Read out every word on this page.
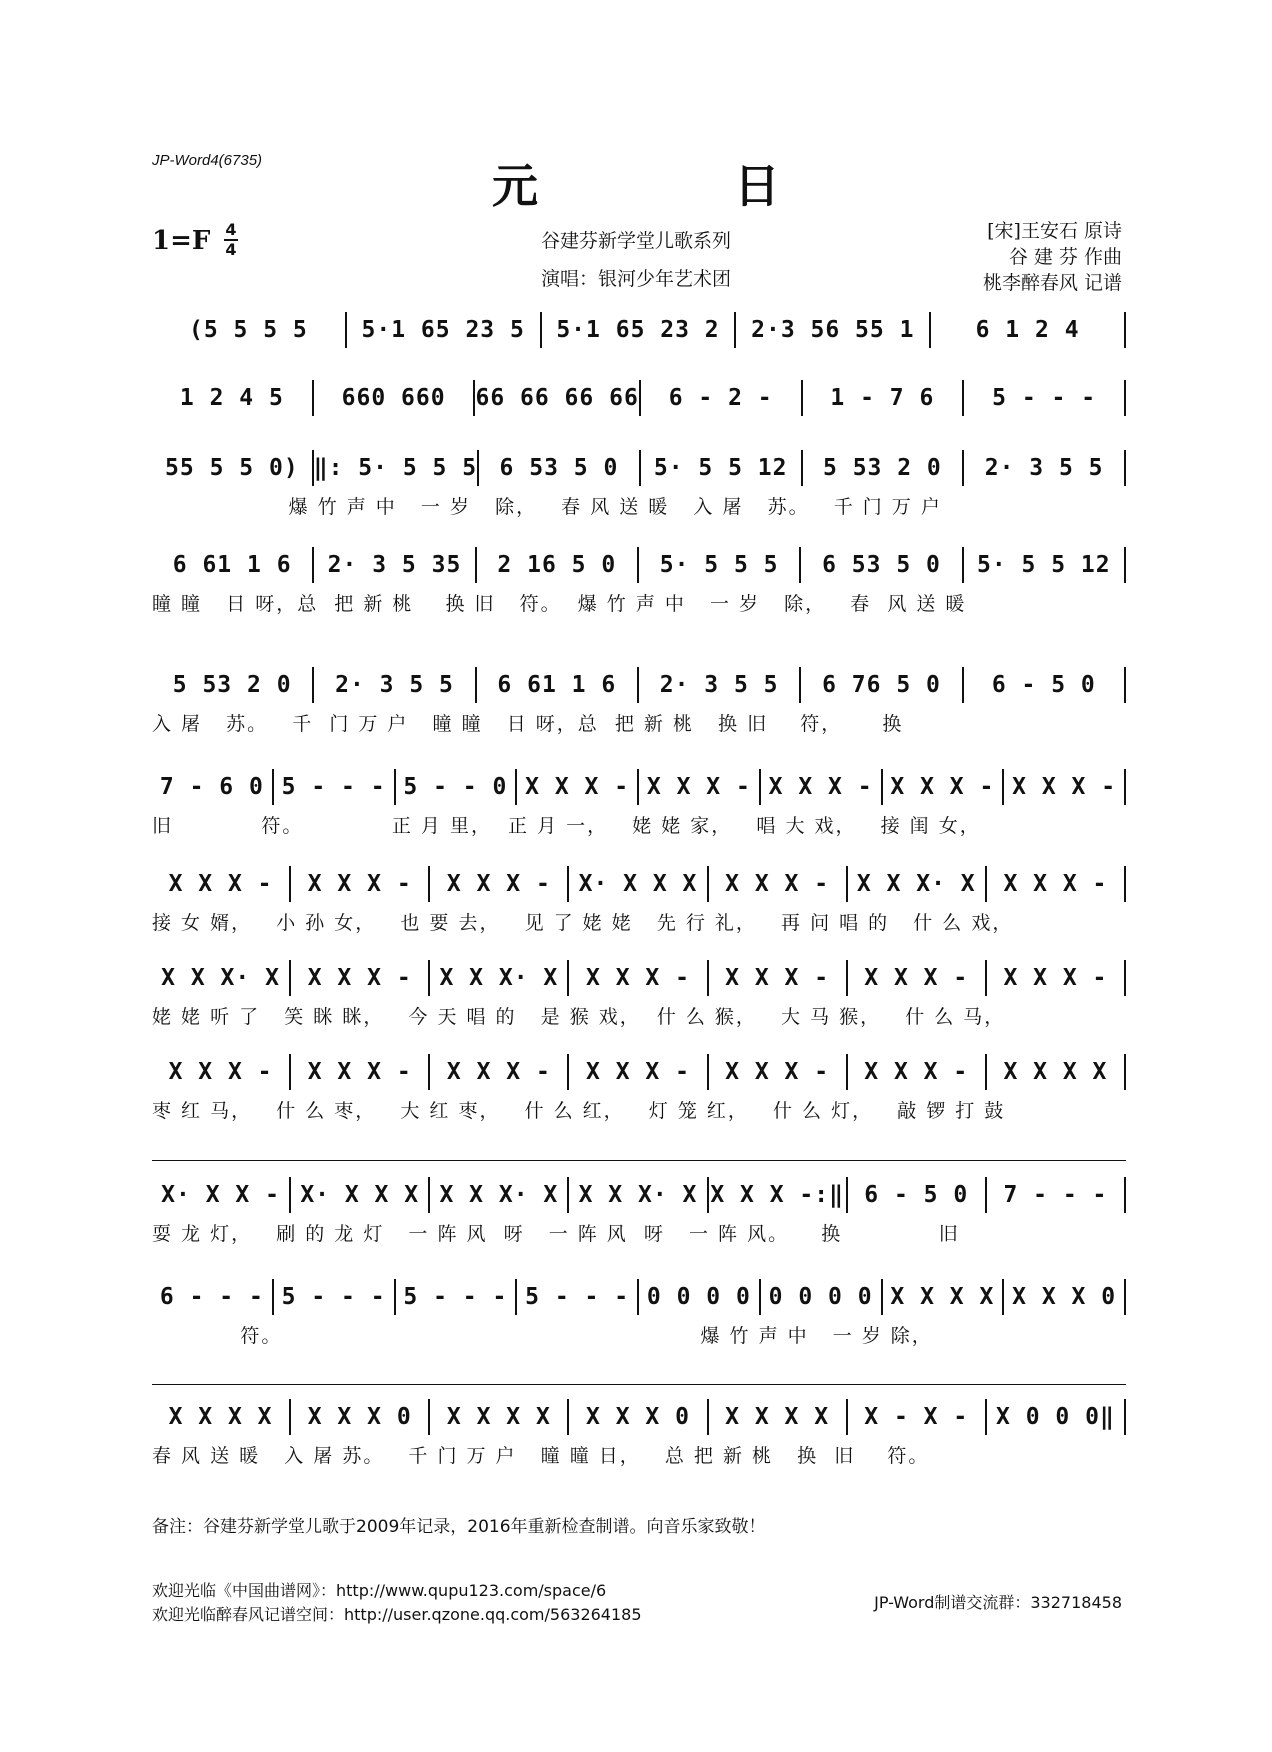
JP-Word4(6735)	元 日
1=F 4
4	谷建芬新学堂儿歌系列
演唱：银河少年艺术团
[宋]王安石 原诗
谷 建 芬 作曲
桃李醉春风 记谱
(5 5 5 5	5·1 65 23 5	5·1 65 23 2	2·3 56 55 1	6 1 2 4
1 2 4 5	660 660	66 66 66 66	6 - 2 -	1 - 7 6	5 - - -
55 5 5 0) ‖: 5· 5 5 5 6 53 5 0	5· 5 5 12	5 53 2 0	2· 3 5 5
爆 竹 声 中   一 岁   除，   春 风 送 暖   入 屠   苏。   千 门 万 户
6 61 1 6	2· 3 5 35	2 16 5 0	5· 5 5 5	6 53 5 0	5· 5 5 12
瞳 瞳   日 呀，总  把 新 桃    换 旧   符。  爆 竹 声 中   一 岁   除，   春  风 送 暖
5 53 2 0	2· 3 5 5	6 61 1 6	2· 3 5 5	6 76 5 0	6 - 5 0
入 屠   苏。   千  门 万 户   瞳 瞳   日 呀，总  把 新 桃   换 旧    符，     换
7 - 6 0 5 - - - 5 - - 0 X X X - X X X - X X X - X X X - X X X -
旧           符。           正 月 里，  正 月 一，   姥 姥 家，   唱 大 戏，   接 闺 女，
X X X -	X X X -	X X X -	X· X X X	X X X -	X X X· X	X X X -
接 女 婿，   小 孙 女，   也 要 去，   见 了 姥 姥   先 行 礼，   再 问 唱 的   什 么 戏，
X X X· X	X X X -	X X X· X	X X X -	X X X -	X X X -	X X X -
姥 姥 听 了   笑 眯 眯，   今 天 唱 的   是 猴 戏，  什 么 猴，   大 马 猴，   什 么 马，
X X X -	X X X -	X X X -	X X X -	X X X -	X X X -	X X X X
枣 红 马，   什 么 枣，   大 红 枣，   什 么 红，   灯 笼 红，   什 么 灯，   敲 锣 打 鼓
X· X X - X· X X X X X X· X X X X· X X X X -:‖ 6 - 5 0	7 - - -
耍 龙 灯，   刷 的 龙 灯   一 阵 风  呀   一 阵 风  呀   一 阵 风。    换            旧
6 - - - 5 - - - 5 - - - 5 - - - 0 0 0 0 0 0 0 0 X X X X X X X 0
符。                                                    爆 竹 声 中   一 岁 除，
X X X X	X X X 0	X X X X	X X X 0	X X X X	X - X -	X 0 0 0‖
春 风 送 暖   入 屠 苏。   千 门 万 户   曈 曈 日，   总 把 新 桃   换  旧    符。
备注：谷建芬新学堂儿歌于2009年记录，2016年重新检查制谱。向音乐家致敬！
欢迎光临《中国曲谱网》：http://www.qupu123.com/space/6
欢迎光临醉春风记谱空间：http://user.qzone.qq.com/563264185
JP-Word制谱交流群：332718458
